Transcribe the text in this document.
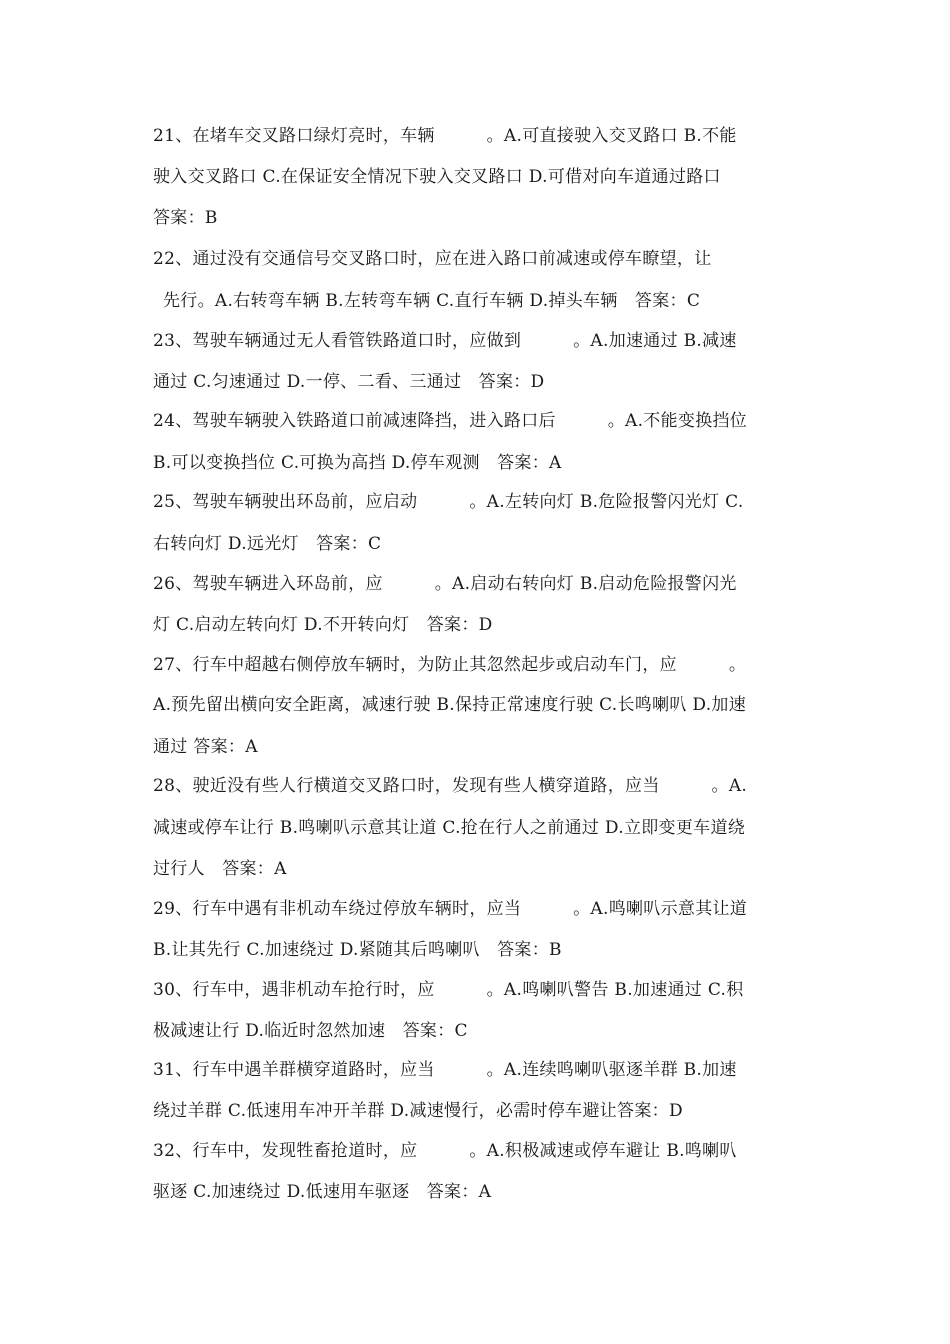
21、在堵车交叉路口绿灯亮时，车辆　　　。A.可直接驶入交叉路口 B.不能
驶入交叉路口 C.在保证安全情况下驶入交叉路口 D.可借对向车道通过路口
答案：B
22、通过没有交通信号交叉路口时，应在进入路口前减速或停车瞭望，让
先行。A.右转弯车辆 B.左转弯车辆 C.直行车辆 D.掉头车辆　答案：C
23、驾驶车辆通过无人看管铁路道口时，应做到　　　。A.加速通过 B.减速
通过 C.匀速通过 D.一停、二看、三通过　答案：D
24、驾驶车辆驶入铁路道口前减速降挡，进入路口后　　　。A.不能变换挡位
B.可以变换挡位 C.可换为高挡 D.停车观测　答案：A
25、驾驶车辆驶出环岛前，应启动　　　。A.左转向灯 B.危险报警闪光灯 C.
右转向灯 D.远光灯　答案：C
26、驾驶车辆进入环岛前，应　　　。A.启动右转向灯 B.启动危险报警闪光
灯 C.启动左转向灯 D.不开转向灯　答案：D
27、行车中超越右侧停放车辆时，为防止其忽然起步或启动车门，应　　　。
A.预先留出横向安全距离，减速行驶 B.保持正常速度行驶 C.长鸣喇叭 D.加速
通过 答案：A
28、驶近没有些人行横道交叉路口时，发现有些人横穿道路，应当　　　。A.
减速或停车让行 B.鸣喇叭示意其让道 C.抢在行人之前通过 D.立即变更车道绕
过行人　答案：A
29、行车中遇有非机动车绕过停放车辆时，应当　　　。A.鸣喇叭示意其让道
B.让其先行 C.加速绕过 D.紧随其后鸣喇叭　答案：B
30、行车中，遇非机动车抢行时，应　　　。A.鸣喇叭警告 B.加速通过 C.积
极减速让行 D.临近时忽然加速　答案：C
31、行车中遇羊群横穿道路时，应当　　　。A.连续鸣喇叭驱逐羊群 B.加速
绕过羊群 C.低速用车冲开羊群 D.减速慢行，必需时停车避让答案：D
32、行车中，发现牲畜抢道时，应　　　。A.积极减速或停车避让 B.鸣喇叭
驱逐 C.加速绕过 D.低速用车驱逐　答案：A
